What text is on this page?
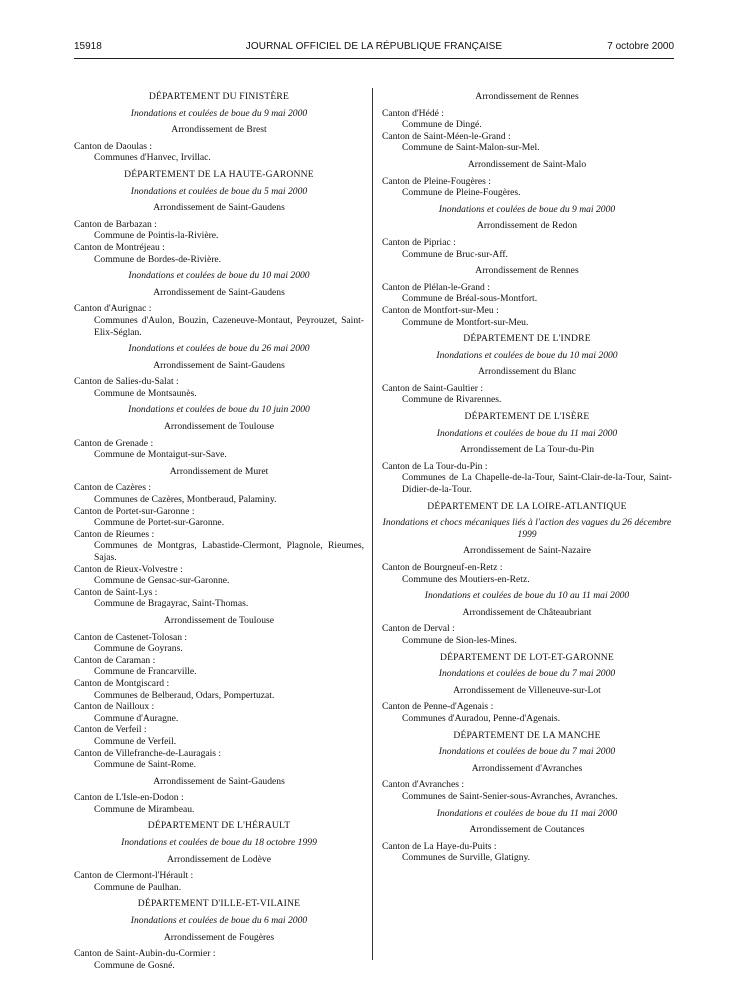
15918	JOURNAL OFFICIEL DE LA RÉPUBLIQUE FRANÇAISE	7 octobre 2000
DÉPARTEMENT DU FINISTÈRE
Inondations et coulées de boue du 9 mai 2000
Arrondissement de Brest
Canton de Daoulas :
Communes d'Hanvec, Irvillac.
DÉPARTEMENT DE LA HAUTE-GARONNE
Inondations et coulées de boue du 5 mai 2000
Arrondissement de Saint-Gaudens
Canton de Barbazan :
Commune de Pointis-la-Rivière.
Canton de Montréjeau :
Commune de Bordes-de-Rivière.
Inondations et coulées de boue du 10 mai 2000
Arrondissement de Saint-Gaudens
Canton d'Aurignac :
Communes d'Aulon, Bouzin, Cazeneuve-Montaut, Peyrouzet, Saint-Elix-Séglan.
Inondations et coulées de boue du 26 mai 2000
Arrondissement de Saint-Gaudens
Canton de Salies-du-Salat :
Commune de Montsaunès.
Inondations et coulées de boue du 10 juin 2000
Arrondissement de Toulouse
Canton de Grenade :
Commune de Montaigut-sur-Save.
Arrondissement de Muret
Canton de Cazères :
Communes de Cazères, Montberaud, Palaminy.
Canton de Portet-sur-Garonne :
Commune de Portet-sur-Garonne.
Canton de Rieumes :
Communes de Montgras, Labastide-Clermont, Plagnole, Rieumes, Sajas.
Canton de Rieux-Volvestre :
Commune de Gensac-sur-Garonne.
Canton de Saint-Lys :
Commune de Bragayrac, Saint-Thomas.
Arrondissement de Toulouse
Canton de Castenet-Tolosan :
Commune de Goyrans.
Canton de Caraman :
Commune de Francarville.
Canton de Montgiscard :
Communes de Belberaud, Odars, Pompertuzat.
Canton de Nailloux :
Commune d'Auragne.
Canton de Verfeil :
Commune de Verfeil.
Canton de Villefranche-de-Lauragais :
Commune de Saint-Rome.
Arrondissement de Saint-Gaudens
Canton de L'Isle-en-Dodon :
Commune de Mirambeau.
DÉPARTEMENT DE L'HÉRAULT
Inondations et coulées de boue du 18 octobre 1999
Arrondissement de Lodève
Canton de Clermont-l'Hérault :
Commune de Paulhan.
DÉPARTEMENT D'ILLE-ET-VILAINE
Inondations et coulées de boue du 6 mai 2000
Arrondissement de Fougères
Canton de Saint-Aubin-du-Cormier :
Commune de Gosné.
Arrondissement de Rennes
Canton d'Hédé :
Commune de Dingé.
Canton de Saint-Méen-le-Grand :
Commune de Saint-Malon-sur-Mel.
Arrondissement de Saint-Malo
Canton de Pleine-Fougères :
Commune de Pleine-Fougères.
Inondations et coulées de boue du 9 mai 2000
Arrondissement de Redon
Canton de Pipriac :
Commune de Bruc-sur-Aff.
Arrondissement de Rennes
Canton de Plélan-le-Grand :
Commune de Bréal-sous-Montfort.
Canton de Montfort-sur-Meu :
Commune de Montfort-sur-Meu.
DÉPARTEMENT DE L'INDRE
Inondations et coulées de boue du 10 mai 2000
Arrondissement du Blanc
Canton de Saint-Gaultier :
Commune de Rivarennes.
DÉPARTEMENT DE L'ISÈRE
Inondations et coulées de boue du 11 mai 2000
Arrondissement de La Tour-du-Pin
Canton de La Tour-du-Pin :
Communes de La Chapelle-de-la-Tour, Saint-Clair-de-la-Tour, Saint-Didier-de-la-Tour.
DÉPARTEMENT DE LA LOIRE-ATLANTIQUE
Inondations et chocs mécaniques liés à l'action des vagues du 26 décembre 1999
Arrondissement de Saint-Nazaire
Canton de Bourgneuf-en-Retz :
Commune des Moutiers-en-Retz.
Inondations et coulées de boue du 10 au 11 mai 2000
Arrondissement de Châteaubriant
Canton de Derval :
Commune de Sion-les-Mines.
DÉPARTEMENT DE LOT-ET-GARONNE
Inondations et coulées de boue du 7 mai 2000
Arrondissement de Villeneuve-sur-Lot
Canton de Penne-d'Agenais :
Communes d'Auradou, Penne-d'Agenais.
DÉPARTEMENT DE LA MANCHE
Inondations et coulées de boue du 7 mai 2000
Arrondissement d'Avranches
Canton d'Avranches :
Communes de Saint-Senier-sous-Avranches, Avranches.
Inondations et coulées de boue du 11 mai 2000
Arrondissement de Coutances
Canton de La Haye-du-Puits :
Communes de Surville, Glatigny.
